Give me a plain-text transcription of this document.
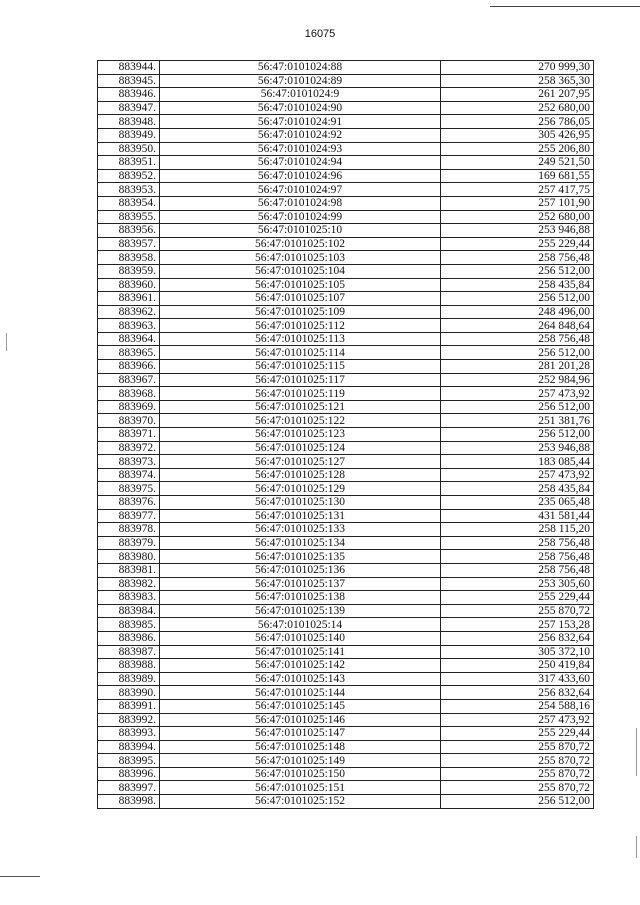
16075
883944.	56:47:0101024:88	270 999,30
883945.	56:47:0101024:89	258 365,30
883946.	56:47:0101024:9	261 207,95
883947.	56:47:0101024:90	252 680,00
883948.	56:47:0101024:91	256 786,05
883949.	56:47:0101024:92	305 426,95
883950.	56:47:0101024:93	255 206,80
883951.	56:47:0101024:94	249 521,50
883952.	56:47:0101024:96	169 681,55
883953.	56:47:0101024:97	257 417,75
883954.	56:47:0101024:98	257 101,90
883955.	56:47:0101024:99	252 680,00
883956.	56:47:0101025:10	253 946,88
883957.	56:47:0101025:102	255 229,44
883958.	56:47:0101025:103	258 756,48
883959.	56:47:0101025:104	256 512,00
883960.	56:47:0101025:105	258 435,84
883961.	56:47:0101025:107	256 512,00
883962.	56:47:0101025:109	248 496,00
883963.	56:47:0101025:112	264 848,64
883964.	56:47:0101025:113	258 756,48
883965.	56:47:0101025:114	256 512,00
883966.	56:47:0101025:115	281 201,28
883967.	56:47:0101025:117	252 984,96
883968.	56:47:0101025:119	257 473,92
883969.	56:47:0101025:121	256 512,00
883970.	56:47:0101025:122	251 381,76
883971.	56:47:0101025:123	256 512,00
883972.	56:47:0101025:124	253 946,88
883973.	56:47:0101025:127	183 085,44
883974.	56:47:0101025:128	257 473,92
883975.	56:47:0101025:129	258 435,84
883976.	56:47:0101025:130	235 065,48
883977.	56:47:0101025:131	431 581,44
883978.	56:47:0101025:133	258 115,20
883979.	56:47:0101025:134	258 756,48
883980.	56:47:0101025:135	258 756,48
883981.	56:47:0101025:136	258 756,48
883982.	56:47:0101025:137	253 305,60
883983.	56:47:0101025:138	255 229,44
883984.	56:47:0101025:139	255 870,72
883985.	56:47:0101025:14	257 153,28
883986.	56:47:0101025:140	256 832,64
883987.	56:47:0101025:141	305 372,10
883988.	56:47:0101025:142	250 419,84
883989.	56:47:0101025:143	317 433,60
883990.	56:47:0101025:144	256 832,64
883991.	56:47:0101025:145	254 588,16
883992.	56:47:0101025:146	257 473,92
883993.	56:47:0101025:147	255 229,44
883994.	56:47:0101025:148	255 870,72
883995.	56:47:0101025:149	255 870,72
883996.	56:47:0101025:150	255 870,72
883997.	56:47:0101025:151	255 870,72
883998.	56:47:0101025:152	256 512,00
